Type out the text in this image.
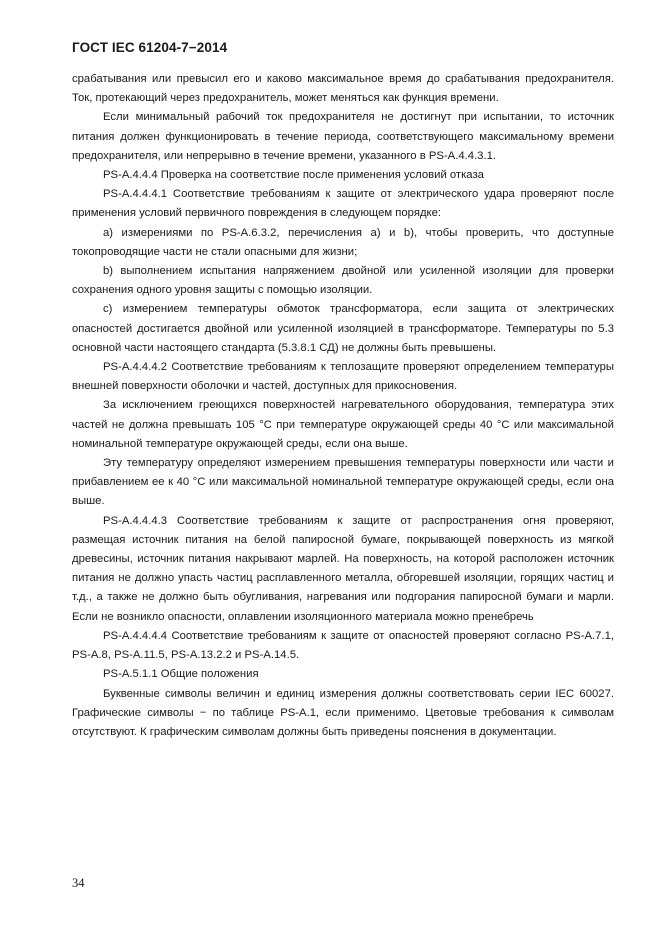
ГОСТ IEC 61204-7−2014

срабатывания или превысил его и каково максимальное время до срабатывания предохранителя. Ток, протекающий через предохранитель, может меняться как функция времени.

Если минимальный рабочий ток предохранителя не достигнут при испытании, то источник питания должен функционировать в течение периода, соответствующего максимальному времени предохранителя, или непрерывно в течение времени, указанного в PS-A.4.4.3.1.

PS-A.4.4.4 Проверка на соответствие после применения условий отказа

PS-A.4.4.4.1 Соответствие требованиям к защите от электрического удара проверяют после применения условий первичного повреждения в следующем порядке:

а) измерениями по PS-A.6.3.2, перечисления а) и b), чтобы проверить, что доступные токопроводящие части не стали опасными для жизни;

b) выполнением испытания напряжением двойной или усиленной изоляции для проверки сохранения одного уровня защиты с помощью изоляции.

c) измерением температуры обмоток трансформатора, если защита от электрических опасностей достигается двойной или усиленной изоляцией в трансформаторе. Температуры по 5.3 основной части настоящего стандарта (5.3.8.1 СД) не должны быть превышены.

PS-A.4.4.4.2 Соответствие требованиям к теплозащите проверяют определением температуры внешней поверхности оболочки и частей, доступных для прикосновения.

За исключением греющихся поверхностей нагревательного оборудования, температура этих частей не должна превышать 105 °С при температуре окружающей среды 40 °С или максимальной номинальной температуре окружающей среды, если она выше.

Эту температуру определяют измерением превышения температуры поверхности или части и прибавлением ее к 40 °С или максимальной номинальной температуре окружающей среды, если она выше.

PS-A.4.4.4.3 Соответствие требованиям к защите от распространения огня проверяют, размещая источник питания на белой папиросной бумаге, покрывающей поверхность из мягкой древесины, источник питания накрывают марлей. На поверхность, на которой расположен источник питания не должно упасть частиц расплавленного металла, обгоревшей изоляции, горящих частиц и т.д., а также не должно быть обугливания, нагревания или подгорания папиросной бумаги и марли. Если не возникло опасности, оплавлении изоляционного материала можно пренебречь

PS-A.4.4.4.4 Соответствие требованиям к защите от опасностей проверяют согласно PS-A.7.1, PS-A.8, PS-A.11.5, PS-A.13.2.2 и PS-A.14.5.

PS-A.5.1.1 Общие положения

Буквенные символы величин и единиц измерения должны соответствовать серии IEC 60027. Графические символы − по таблице PS-A.1, если применимо. Цветовые требования к символам отсутствуют. К графическим символам должны быть приведены пояснения в документации.

34
